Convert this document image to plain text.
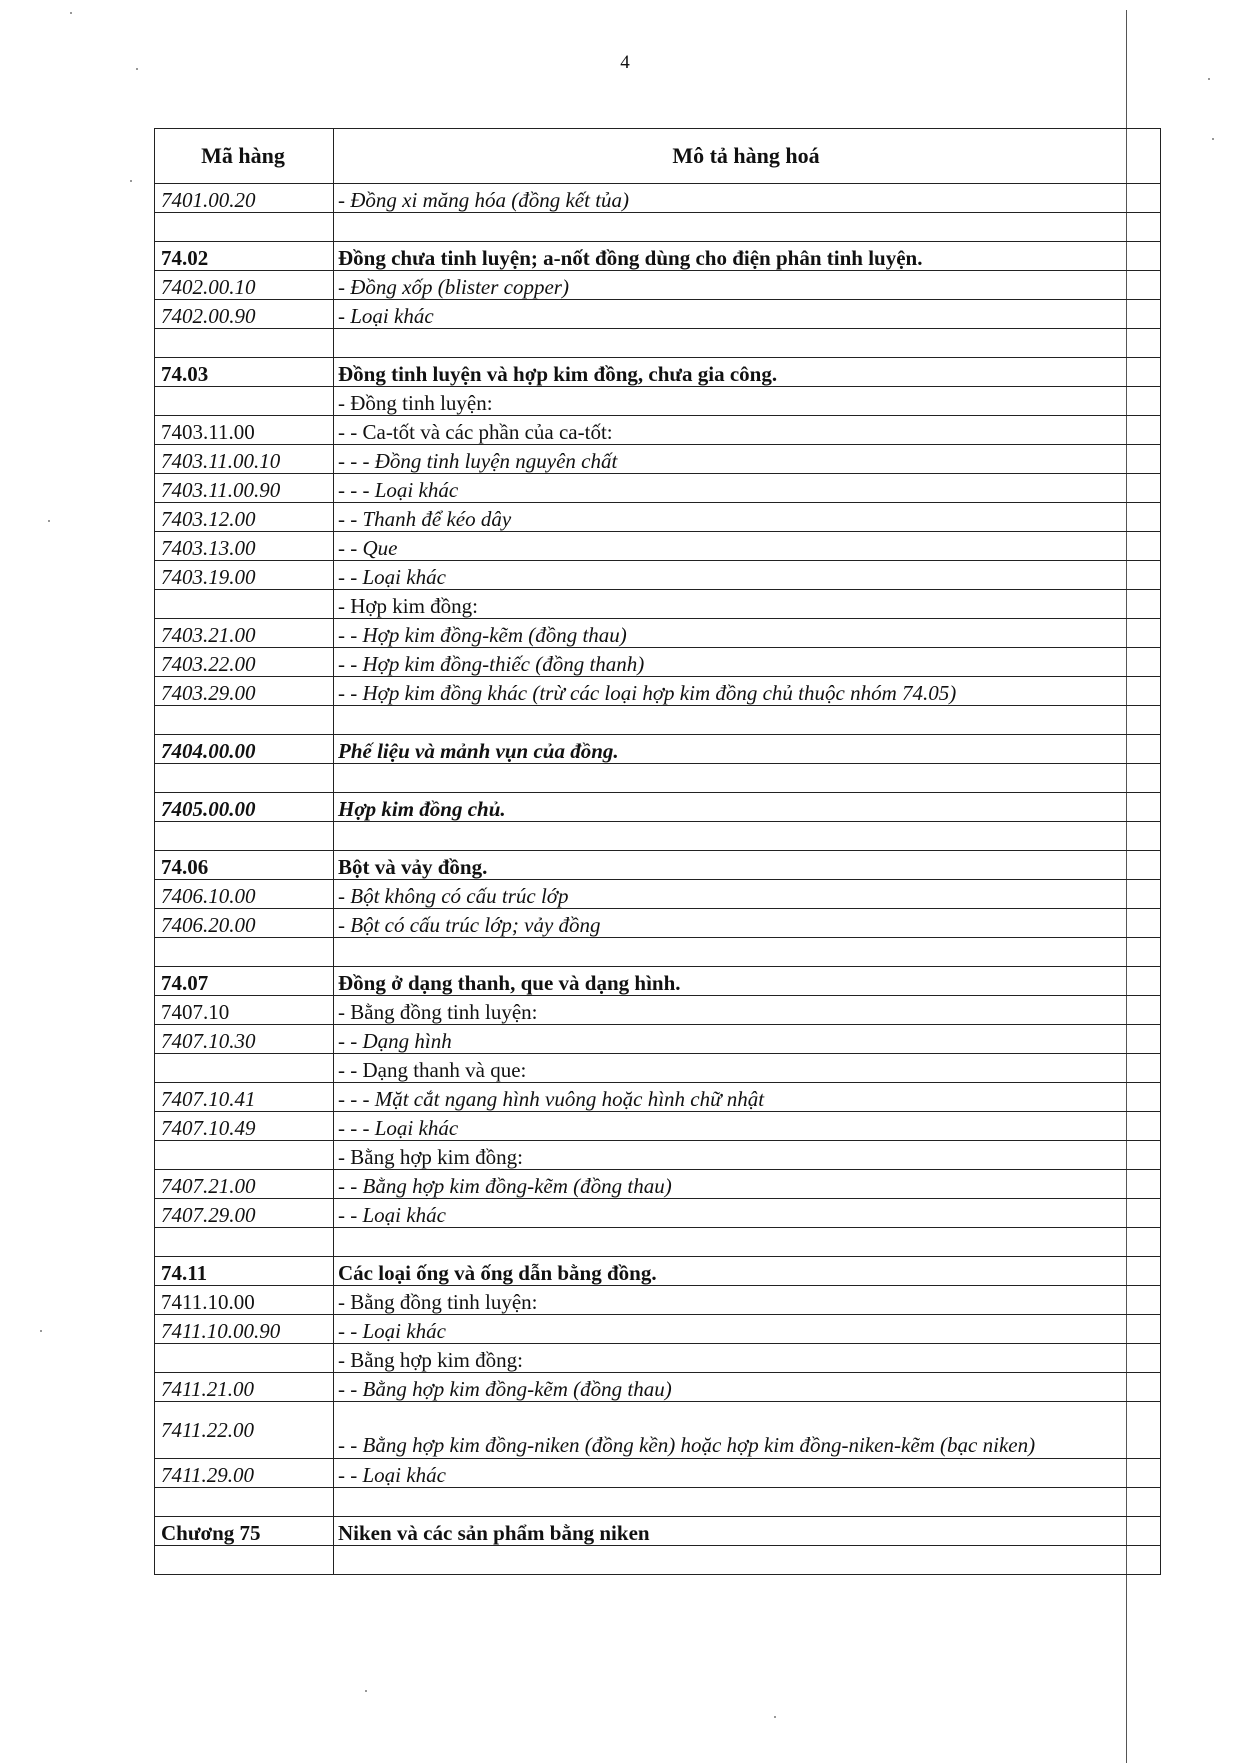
4
Mã hàng	Mô tả hàng hoá
7401.00.20	- Đồng xi măng hóa (đồng kết tủa)

74.02	Đồng chưa tinh luyện; a-nốt đồng dùng cho điện phân tinh luyện.
7402.00.10	- Đồng xốp (blister copper)
7402.00.90	- Loại khác

74.03	Đồng tinh luyện và hợp kim đồng, chưa gia công.
	- Đồng tinh luyện:
7403.11.00	- - Ca-tốt và các phần của ca-tốt:
7403.11.00.10	- - - Đồng tinh luyện nguyên chất
7403.11.00.90	- - - Loại khác
7403.12.00	- - Thanh để kéo dây
7403.13.00	- - Que
7403.19.00	- - Loại khác
	- Hợp kim đồng:
7403.21.00	- - Hợp kim đồng-kẽm (đồng thau)
7403.22.00	- - Hợp kim đồng-thiếc (đồng thanh)
7403.29.00	- - Hợp kim đồng khác (trừ các loại hợp kim đồng chủ thuộc nhóm 74.05)

7404.00.00	Phế liệu và mảnh vụn của đồng.

7405.00.00	Hợp kim đồng chủ.

74.06	Bột và vảy đồng.
7406.10.00	- Bột không có cấu trúc lớp
7406.20.00	- Bột có cấu trúc lớp; vảy đồng

74.07	Đồng ở dạng thanh, que và dạng hình.
7407.10	- Bằng đồng tinh luyện:
7407.10.30	- - Dạng hình
	- - Dạng thanh và que:
7407.10.41	- - - Mặt cắt ngang hình vuông hoặc hình chữ nhật
7407.10.49	- - - Loại khác
	- Bằng hợp kim đồng:
7407.21.00	- - Bằng hợp kim đồng-kẽm (đồng thau)
7407.29.00	- - Loại khác

74.11	Các loại ống và ống dẫn bằng đồng.
7411.10.00	- Bằng đồng tinh luyện:
7411.10.00.90	- - Loại khác
	- Bằng hợp kim đồng:
7411.21.00	- - Bằng hợp kim đồng-kẽm (đồng thau)
7411.22.00	- - Bằng hợp kim đồng-niken (đồng kền) hoặc hợp kim đồng-niken-kẽm (bạc niken)
7411.29.00	- - Loại khác

Chương 75	Niken và các sản phẩm bằng niken
